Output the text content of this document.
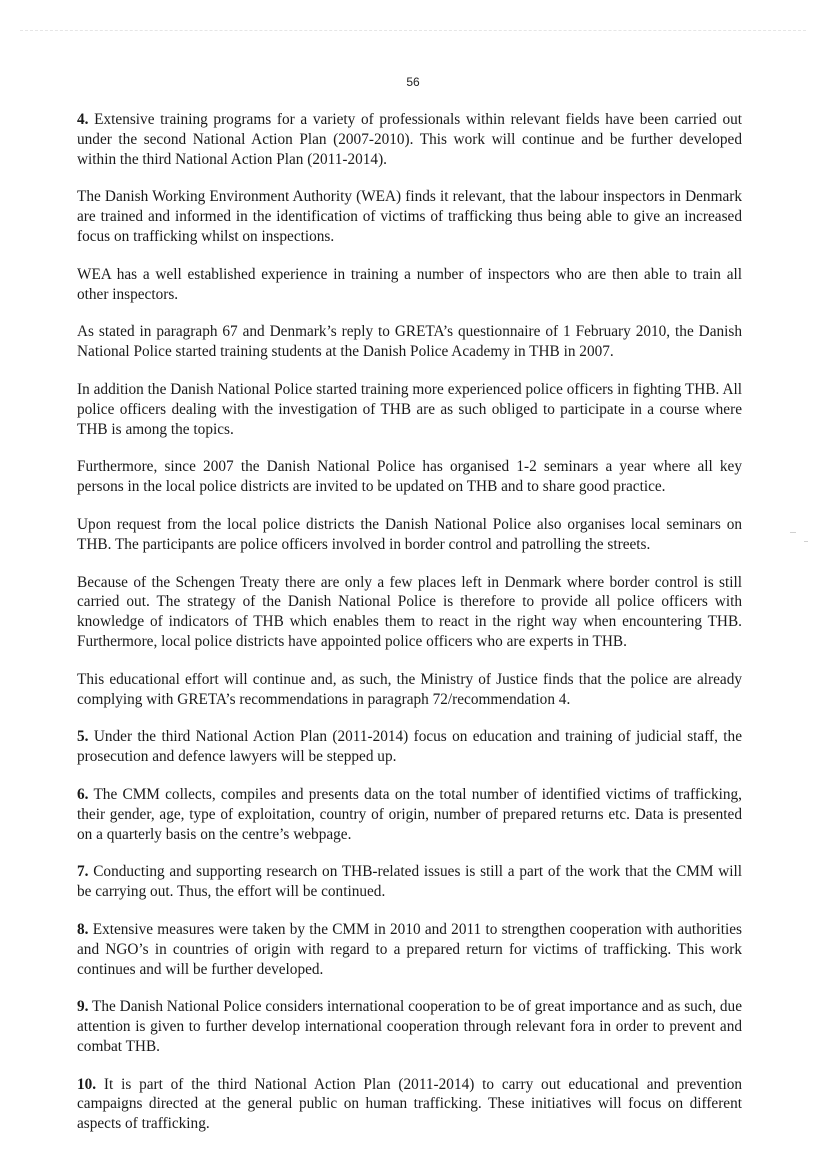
56

4. Extensive training programs for a variety of professionals within relevant fields have been carried out under the second National Action Plan (2007-2010). This work will continue and be further developed within the third National Action Plan (2011-2014).

The Danish Working Environment Authority (WEA) finds it relevant, that the labour inspectors in Denmark are trained and informed in the identification of victims of trafficking thus being able to give an increased focus on trafficking whilst on inspections.

WEA has a well established experience in training a number of inspectors who are then able to train all other inspectors.

As stated in paragraph 67 and Denmark’s reply to GRETA’s questionnaire of 1 February 2010, the Danish National Police started training students at the Danish Police Academy in THB in 2007.

In addition the Danish National Police started training more experienced police officers in fighting THB. All police officers dealing with the investigation of THB are as such obliged to participate in a course where THB is among the topics.

Furthermore, since 2007 the Danish National Police has organised 1-2 seminars a year where all key persons in the local police districts are invited to be updated on THB and to share good practice.

Upon request from the local police districts the Danish National Police also organises local seminars on THB. The participants are police officers involved in border control and patrolling the streets.

Because of the Schengen Treaty there are only a few places left in Denmark where border control is still carried out. The strategy of the Danish National Police is therefore to provide all police officers with knowledge of indicators of THB which enables them to react in the right way when encountering THB. Furthermore, local police districts have appointed police officers who are experts in THB.

This educational effort will continue and, as such, the Ministry of Justice finds that the police are already complying with GRETA’s recommendations in paragraph 72/recommendation 4.

5. Under the third National Action Plan (2011-2014) focus on education and training of judicial staff, the prosecution and defence lawyers will be stepped up.

6. The CMM collects, compiles and presents data on the total number of identified victims of trafficking, their gender, age, type of exploitation, country of origin, number of prepared returns etc. Data is presented on a quarterly basis on the centre’s webpage.

7. Conducting and supporting research on THB-related issues is still a part of the work that the CMM will be carrying out. Thus, the effort will be continued.

8. Extensive measures were taken by the CMM in 2010 and 2011 to strengthen cooperation with authorities and NGO’s in countries of origin with regard to a prepared return for victims of trafficking. This work continues and will be further developed.

9. The Danish National Police considers international cooperation to be of great importance and as such, due attention is given to further develop international cooperation through relevant fora in order to prevent and combat THB.

10. It is part of the third National Action Plan (2011-2014) to carry out educational and prevention campaigns directed at the general public on human trafficking. These initiatives will focus on different aspects of trafficking.
